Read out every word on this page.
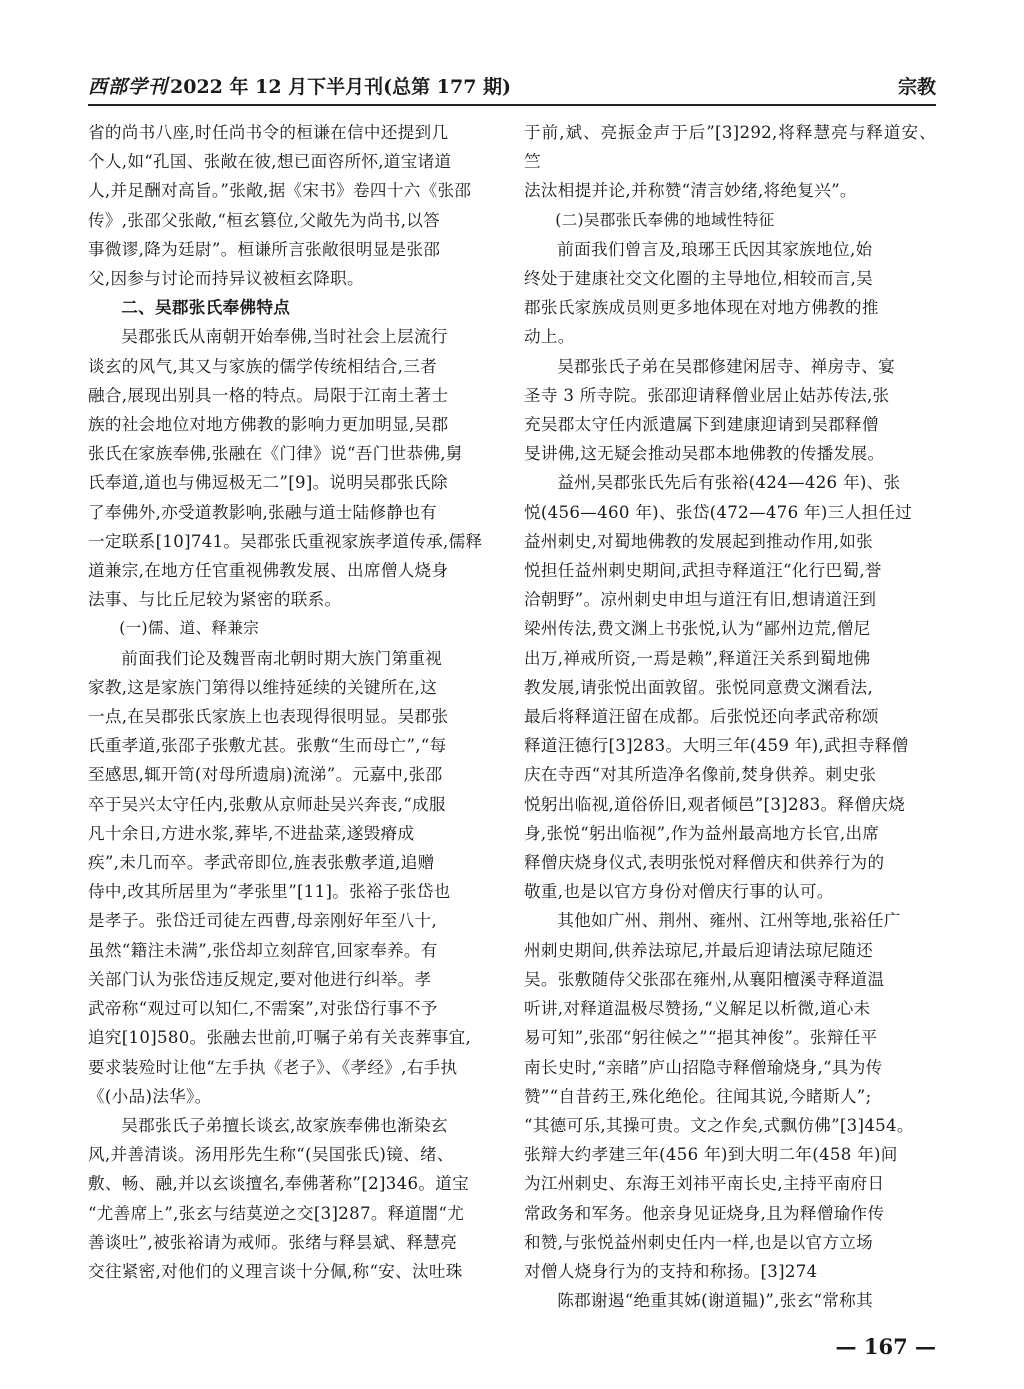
西部学刊 2022 年 12 月下半月刊(总第 177 期)	宗教

省的尚书八座,时任尚书令的桓谦在信中还提到几
个人,如“孔国、张敞在彼,想已面咨所怀,道宝诸道
人,并足酬对高旨。”张敞,据《宋书》卷四十六《张邵
传》,张邵父张敞,“桓玄篡位,父敞先为尚书,以答
事微谬,降为廷尉”。桓谦所言张敞很明显是张邵
父,因参与讨论而持异议被桓玄降职。

二、吴郡张氏奉佛特点

吴郡张氏从南朝开始奉佛,当时社会上层流行
谈玄的风气,其又与家族的儒学传统相结合,三者
融合,展现出别具一格的特点。局限于江南土著士
族的社会地位对地方佛教的影响力更加明显,吴郡
张氏在家族奉佛,张融在《门律》说“吾门世恭佛,舅
氏奉道,道也与佛逗极无二”[9]。说明吴郡张氏除
了奉佛外,亦受道教影响,张融与道士陆修静也有
一定联系[10]741。吴郡张氏重视家族孝道传承,儒释
道兼宗,在地方任官重视佛教发展、出席僧人烧身
法事、与比丘尼较为紧密的联系。

(一)儒、道、释兼宗

前面我们论及魏晋南北朝时期大族门第重视
家教,这是家族门第得以维持延续的关键所在,这
一点,在吴郡张氏家族上也表现得很明显。吴郡张
氏重孝道,张邵子张敷尤甚。张敷“生而母亡”,“每
至感思,辄开笥(对母所遗扇)流涕”。元嘉中,张邵
卒于吴兴太守任内,张敷从京师赴吴兴奔丧,“成服
凡十余日,方进水浆,葬毕,不进盐菜,遂毁瘠成
疾”,未几而卒。孝武帝即位,旌表张敷孝道,追赠
侍中,改其所居里为“孝张里”[11]。张裕子张岱也
是孝子。张岱迁司徒左西曹,母亲刚好年至八十,
虽然“籍注未满”,张岱却立刻辞官,回家奉养。有
关部门认为张岱违反规定,要对他进行纠举。孝
武帝称“观过可以知仁,不需案”,对张岱行事不予
追究[10]580。张融去世前,叮嘱子弟有关丧葬事宜,
要求装殓时让他“左手执《老子》、《孝经》,右手执
《(小品)法华》。

吴郡张氏子弟擅长谈玄,故家族奉佛也渐染玄
风,并善清谈。汤用彤先生称“(吴国张氏)镜、绪、
敷、畅、融,并以玄谈擅名,奉佛著称”[2]346。道宝
“尤善席上”,张玄与结莫逆之交[3]287。释道闇“尤
善谈吐”,被张裕请为戒师。张绪与释昙斌、释慧亮
交往紧密,对他们的义理言谈十分佩,称“安、汰吐珠

于前,斌、亮振金声于后”[3]292,将释慧亮与释道安、竺
法汰相提并论,并称赞“清言妙绪,将绝复兴”。

(二)吴郡张氏奉佛的地域性特征

前面我们曾言及,琅琊王氏因其家族地位,始
终处于建康社交文化圈的主导地位,相较而言,吴
郡张氏家族成员则更多地体现在对地方佛教的推
动上。

吴郡张氏子弟在吴郡修建闲居寺、禅房寺、宴
圣寺 3 所寺院。张邵迎请释僧业居止姑苏传法,张
充吴郡太守任内派遣属下到建康迎请到吴郡释僧
旻讲佛,这无疑会推动吴郡本地佛教的传播发展。

益州,吴郡张氏先后有张裕(424—426 年)、张
悦(456—460 年)、张岱(472—476 年)三人担任过
益州刺史,对蜀地佛教的发展起到推动作用,如张
悦担任益州刺史期间,武担寺释道汪“化行巴蜀,誉
洽朝野”。凉州刺史申坦与道汪有旧,想请道汪到
梁州传法,费文渊上书张悦,认为“鄙州边荒,僧尼
出万,禅戒所资,一焉是赖”,释道汪关系到蜀地佛
教发展,请张悦出面敦留。张悦同意费文渊看法,
最后将释道汪留在成都。后张悦还向孝武帝称颂
释道汪德行[3]283。大明三年(459 年),武担寺释僧
庆在寺西“对其所造净名像前,焚身供养。刺史张
悦躬出临视,道俗侨旧,观者倾邑”[3]283。释僧庆烧
身,张悦“躬出临视”,作为益州最高地方长官,出席
释僧庆烧身仪式,表明张悦对释僧庆和供养行为的
敬重,也是以官方身份对僧庆行事的认可。

其他如广州、荆州、雍州、江州等地,张裕任广
州刺史期间,供养法琼尼,并最后迎请法琼尼随还
吴。张敷随侍父张邵在雍州,从襄阳檀溪寺释道温
听讲,对释道温极尽赞扬,“义解足以析微,道心未
易可知”,张邵“躬往候之”“挹其神俊”。张辩任平
南长史时,“亲睹”庐山招隐寺释僧瑜烧身,“具为传
赞”“自昔药王,殊化绝伦。往闻其说,今睹斯人”;
“其德可乐,其操可贵。文之作矣,式飘仿佛”[3]454。
张辩大约孝建三年(456 年)到大明二年(458 年)间
为江州刺史、东海王刘祎平南长史,主持平南府日
常政务和军务。他亲身见证烧身,且为释僧瑜作传
和赞,与张悦益州刺史任内一样,也是以官方立场
对僧人烧身行为的支持和称扬。[3]274

陈郡谢遏“绝重其姊(谢道韫)”,张玄“常称其

— 167 —
